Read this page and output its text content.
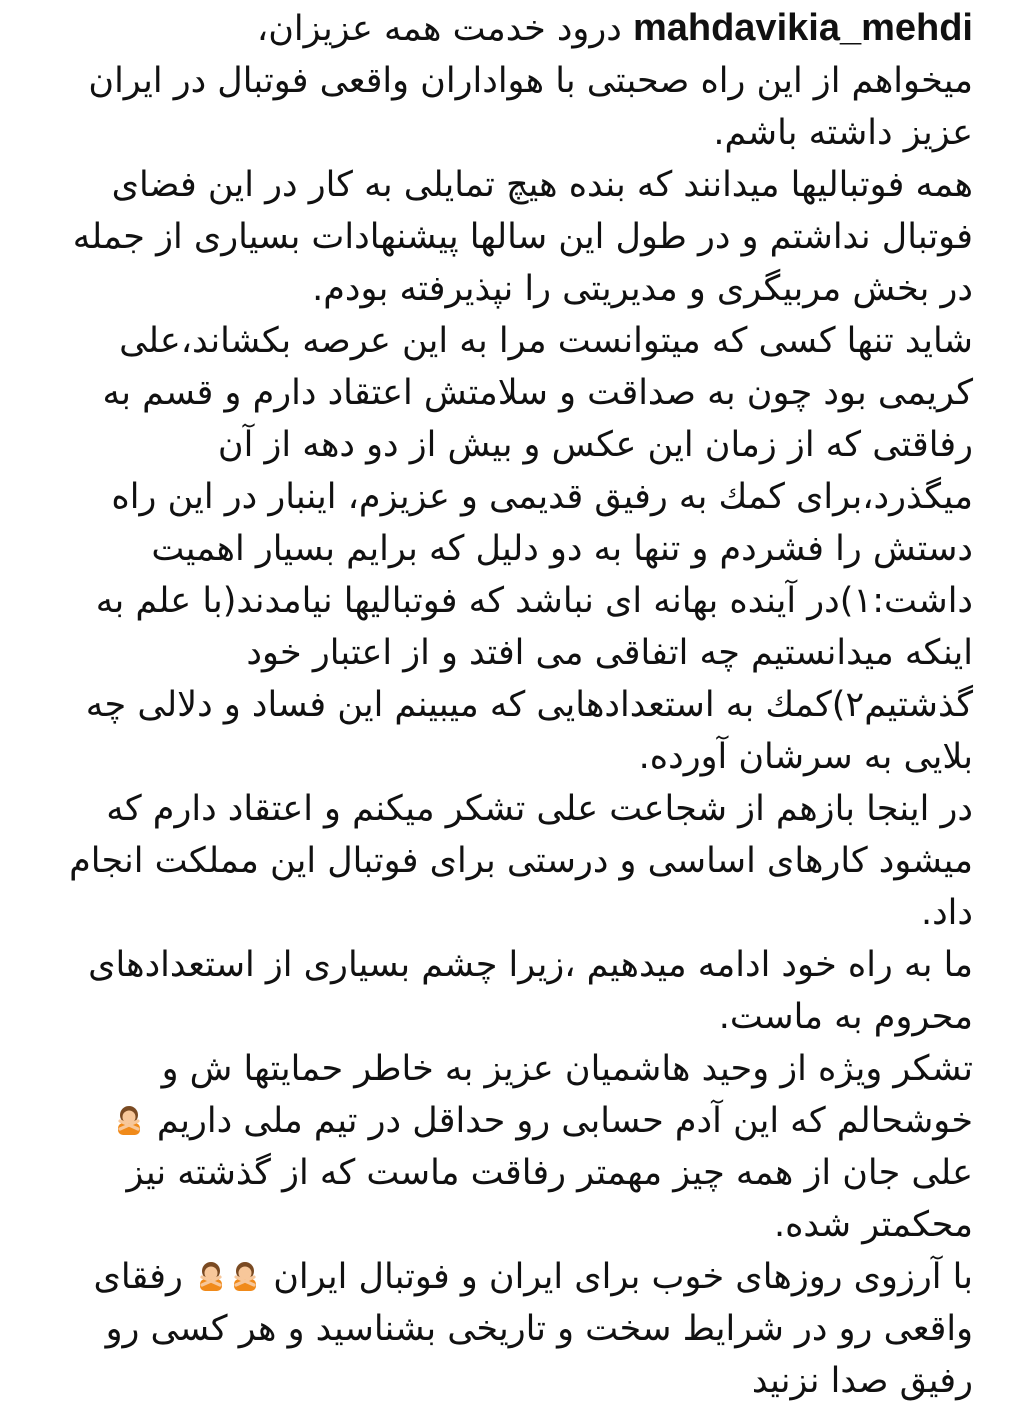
mahdavikia_mehdi درود خدمت همه عزیزان،
میخواهم از این راه صحبتی با هواداران واقعی فوتبال در ایران عزیز داشته باشم.
همه فوتبالیها میدانند که بنده هیچ تمایلی به کار در این فضای فوتبال نداشتم و در طول این سالها پیشنهادات بسیاری از جمله در بخش مربیگری و مدیریتی را نپذیرفته بودم.
شاید تنها کسی که میتوانست مرا به این عرصه بکشاند،علی کریمی بود چون به صداقت و سلامتش اعتقاد دارم و قسم به رفاقتی که از زمان این عکس و بیش از دو دهه از آن میگذرد،برای کمك به رفیق قدیمی و عزیزم، اینبار در این راه دستش را فشردم و تنها به دو دلیل که برایم بسیار اهمیت داشت:۱)در آینده بهانه ای نباشد که فوتبالیها نیامدند(با علم به اینکه میدانستیم چه اتفاقی می افتد و از اعتبار خود گذشتیم۲)کمك به استعدادهایی که میبینم این فساد و دلالی چه بلایی به سرشان آورده.
در اینجا بازهم از شجاعت علی تشکر میکنم و اعتقاد دارم که میشود کارهای اساسی و درستی برای فوتبال این مملکت انجام داد.
ما به راه خود ادامه میدهیم ،زیرا چشم بسیاری از استعدادهای محروم به ماست.
تشکر ویژه از وحید هاشمیان عزیز به خاطر حمایتها ش و خوشحالم که این آدم حسابی رو حداقل در تیم ملی داریم
علی جان از همه چیز مهمتر رفاقت ماست که از گذشته نیز محکمتر شده.
با آرزوی روزهای خوب برای ایران و فوتبال ایران  رفقای واقعی رو در شرایط سخت و تاریخی بشناسید و هر کسی رو رفیق صدا نزنید
